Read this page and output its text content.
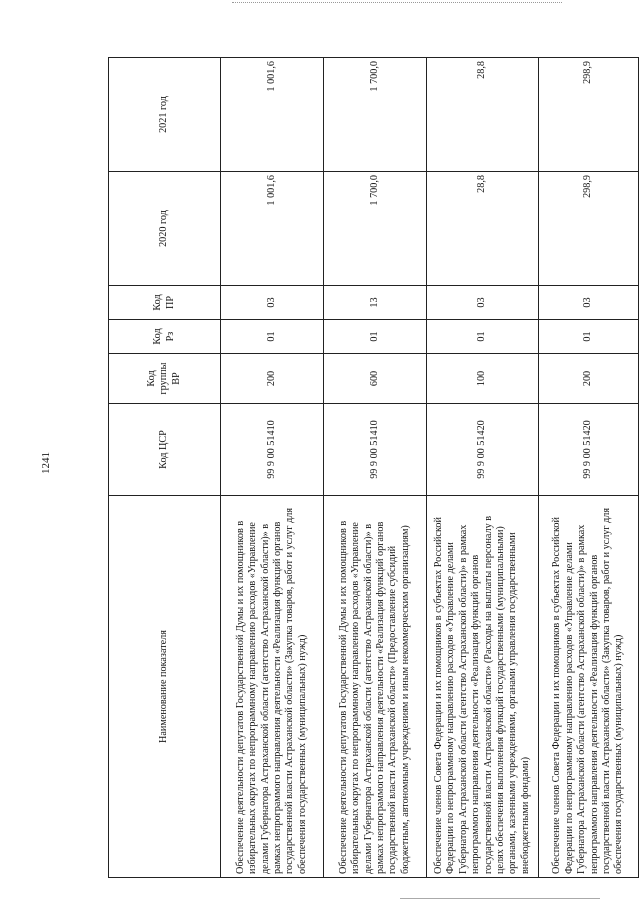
1241
Наименование показателя	Код ЦСР	Код группы ВР	Код Рз	Код ПР	2020 год	2021 год
Обеспечение деятельности депутатов Государственной Думы и их помощников в избирательных округах по непрограммному направлению расходов «Управление делами Губернатора Астраханской области (агентство Астраханской области)» в рамках непрограммого направления деятельности «Реализация функций органов государственной власти Астраханской области» (Закупка товаров, работ и услуг для обеспечения государственных (муниципальных) нужд)	99 9 00 51410	200	01	03	1 001,6	1 001,6
Обеспечение деятельности депутатов Государственной Думы и их помощников в избирательных округах по непрограммному направлению расходов «Управление делами Губернатора Астраханской области (агентство Астраханской области)» в рамках непрограммого направления деятельности «Реализация функций органов государственной власти Астраханской области» (Предоставление субсидий бюджетным, автономным учреждениям и иным некоммерческим организациям)	99 9 00 51410	600	01	13	1 700,0	1 700,0
Обеспечение членов Совета Федерации и их помощников в субъектах Российской Федерации по непрограммному направлению расходов «Управление делами Губернатора Астраханской области (агентство Астраханской области)» в рамках непрограммого направления деятельности «Реализация функций органов государственной власти Астраханской области» (Расходы на выплаты персоналу в целях обеспечения выполнения функций государственными (муниципальными) органами, казенными учреждениями, органами управления государственными внебюджетными фондами)	99 9 00 51420	100	01	03	28,8	28,8
Обеспечение членов Совета Федерации и их помощников в субъектах Российской Федерации по непрограммному направлению расходов «Управление делами Губернатора Астраханской области (агентство Астраханской области)» в рамках непрограммого направления деятельности «Реализация функций органов государственной власти Астраханской области» (Закупка товаров, работ и услуг для обеспечения государственных (муниципальных) нужд)	99 9 00 51420	200	01	03	298,9	298,9
